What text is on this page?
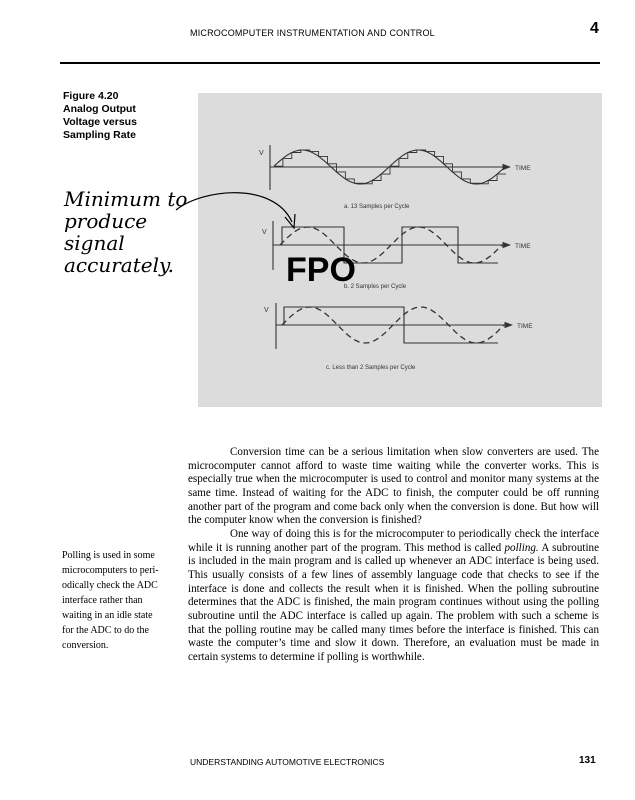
MICROCOMPUTER INSTRUMENTATION AND CONTROL	4
Figure 4.20
Analog Output
Voltage versus
Sampling Rate
V
TIME
a. 13 Samples per Cycle
V
TIME
b. 2 Samples per Cycle
V
TIME
c. Less than 2 Samples per Cycle
FPO
Minimum to produce signal accurately.
Polling is used in some
microcomputers to peri-
odically check the ADC
interface rather than
waiting in an idle state
for the ADC to do the
conversion.

Conversion time can be a serious limitation when slow converters are used. The microcomputer cannot afford to waste time waiting while the converter works. This is especially true when the microcomputer is used to control and monitor many systems at the same time. Instead of waiting for the ADC to finish, the computer could be off running another part of the program and come back only when the conversion is done. But how will the computer know when the conversion is finished?

One way of doing this is for the microcomputer to periodically check the interface while it is running another part of the program. This method is called polling. A subroutine is included in the main program and is called up whenever an ADC interface is being used. This usually consists of a few lines of assembly language code that checks to see if the interface is done and collects the result when it is finished. When the polling subroutine determines that the ADC is finished, the main program continues without using the polling subroutine until the ADC interface is called up again. The problem with such a scheme is that the polling routine may be called many times before the interface is finished. This can waste the computer’s time and slow it down. Therefore, an evaluation must be made in certain systems to determine if polling is worthwhile.

UNDERSTANDING AUTOMOTIVE ELECTRONICS	131
